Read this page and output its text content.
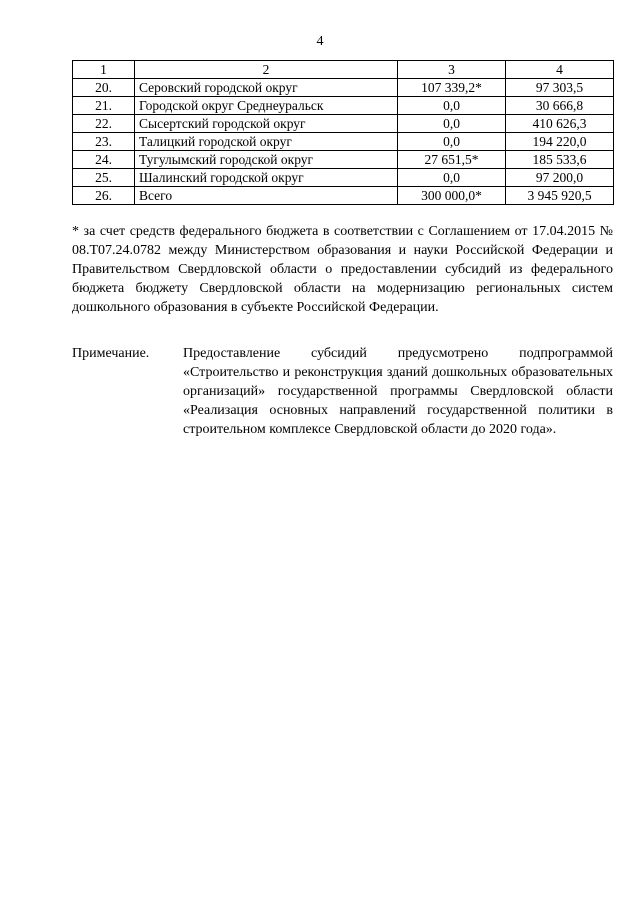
4
1	2	3	4
20.	Серовский городской округ	107 339,2*	97 303,5
21.	Городской округ Среднеуральск	0,0	30 666,8
22.	Сысертский городской округ	0,0	410 626,3
23.	Талицкий городской округ	0,0	194 220,0
24.	Тугулымский городской округ	27 651,5*	185 533,6
25.	Шалинский городской округ	0,0	97 200,0
26.	Всего	300 000,0*	3 945 920,5
* за счет средств федерального бюджета в соответствии с Соглашением от 17.04.2015 № 08.Т07.24.0782 между Министерством образования и науки Российской Федерации и Правительством Свердловской области о предоставлении субсидий из федерального бюджета бюджету Свердловской области на модернизацию региональных систем дошкольного образования в субъекте Российской Федерации.
Примечание. Предоставление субсидий предусмотрено подпрограммой «Строительство и реконструкция зданий дошкольных образовательных организаций» государственной программы Свердловской области «Реализация основных направлений государственной политики в строительном комплексе Свердловской области до 2020 года».
